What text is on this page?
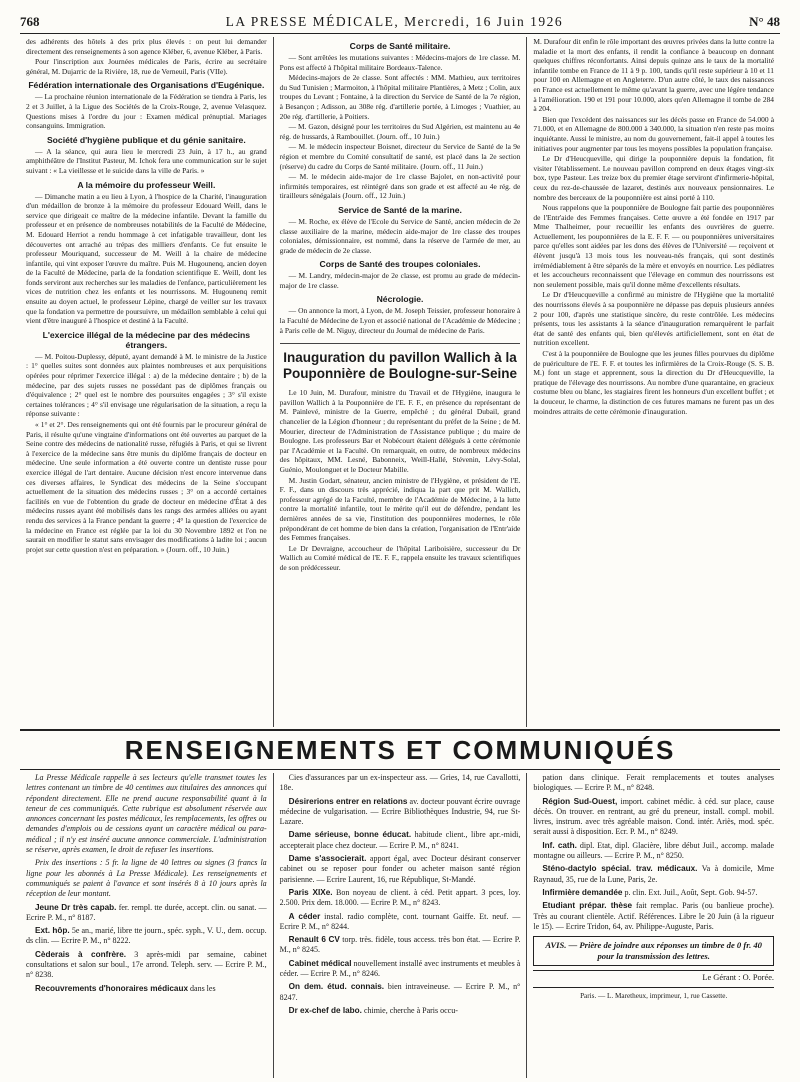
768	LA PRESSE MÉDICALE, Mercredi, 16 Juin 1926	N° 48

des adhérents des hôtels à des prix plus élevés : on peut lui demander directement des renseignements à son agence Kléber, 6, avenue Kléber, à Paris.

Pour l'inscription aux Journées médicales de Paris, écrire au secrétaire général, M. Dujarric de la Rivière, 18, rue de Verneuil, Paris (VIIe).

Fédération internationale des Organisations d'Eugénique.

— La prochaine réunion internationale de la Fédération se tiendra à Paris, les 2 et 3 Juillet, à la Ligue des Sociétés de la Croix-Rouge, 2, avenue Velasquez. Questions mises à l'ordre du jour : Examen médical prénuptial. Mariages consanguins. Immigration.

Société d'hygiène publique et du génie sanitaire.

— A la séance, qui aura lieu le mercredi 23 Juin, à 17 h., au grand amphithéâtre de l'Institut Pasteur, M. Ichok fera une communication sur le sujet suivant : « La vieillesse et le suicide dans la ville de Paris. »

A la mémoire du professeur Weill.

— Dimanche matin a eu lieu à Lyon, à l'hospice de la Charité, l'inauguration d'un médaillon de bronze à la mémoire du professeur Edouard Weill, dans le service que dirigeait ce maître de la médecine infantile. Devant la famille du professeur et en présence de nombreuses notabilités de la Faculté de Médecine, M. Edouard Herriot a rendu hommage à cet infatigable travailleur, dont les découvertes ont arraché au trépas des milliers d'enfants. Ce fut ensuite le professeur Mouriquand, successeur de M. Weill à la chaire de médecine infantile, qui vint exposer l'œuvre du maître. Puis M. Hugounenq, ancien doyen de la Faculté de Médecine, parla de la fondation scientifique E. Weill, dont les fonds serviront aux recherches sur les maladies de l'enfance, particulièrement les vices de nutrition chez les enfants et les nourrissons. M. Hugounenq remit ensuite au doyen actuel, le professeur Lépine, chargé de veiller sur les travaux que la fondation va permettre de poursuivre, un médaillon semblable à celui qui vient d'être inauguré à l'hospice et destiné à la Faculté.

L'exercice illégal de la médecine par des médecins étrangers.

— M. Poitou-Duplessy, député, ayant demandé à M. le ministre de la Justice : 1° quelles suites sont données aux plaintes nombreuses et aux perquisitions opérées pour réprimer l'exercice illégal : a) de la médecine dentaire ; b) de la médecine, par des sujets russes ne possédant pas de diplômes français ou d'équivalence ; 2° quel est le nombre des poursuites engagées ; 3° s'il existe certaines tolérances ; 4° s'il envisage une régularisation de la situation, a reçu la réponse suivante :

« 1° et 2°. Des renseignements qui ont été fournis par le procureur général de Paris, il résulte qu'une vingtaine d'informations ont été ouvertes au parquet de la Seine contre des médecins de nationalité russe, réfugiés à Paris, et qui se livrent à l'exercice de la médecine sans être munis du diplôme français de docteur en médecine. Une seule information a été ouverte contre un dentiste russe pour exercice illégal de l'art dentaire. Aucune décision n'est encore intervenue dans ces diverses affaires, le Syndicat des médecins de la Seine s'occupant actuellement de la situation des médecins russes ; 3° on a accordé certaines facilités en vue de l'obtention du grade de docteur en médecine d'État à des médecins russes ayant été mobilisés dans les rangs des armées alliées ou ayant rendu des services à la France pendant la guerre ; 4° la question de l'exercice de la médecine en France est réglée par la loi du 30 Novembre 1892 et l'on ne saurait en modifier le statut sans envisager des modifications à ladite loi ; aucun projet sur cette question n'est en préparation. » (Journ. off., 10 Juin.)

Corps de Santé militaire.

— Sont arrêtées les mutations suivantes : Médecins-majors de 1re classe. M. Pons est affecté à l'hôpital militaire Bordeaux-Talence.

Médecins-majors de 2e classe. Sont affectés : MM. Mathieu, aux territoires du Sud Tunisien ; Marmoiton, à l'hôpital militaire Plantières, à Metz ; Colin, aux troupes du Levant ; Fontaine, à la direction du Service de Santé de la 7e région, à Besançon ; Adisson, au 308e rég. d'artillerie portée, à Limoges ; Vuathier, au 20e rég. d'artillerie, à Poitiers.

— M. Gazon, désigné pour les territoires du Sud Algérien, est maintenu au 4e rég. de hussards, à Rambouillet. (Journ. off., 10 Juin.)

— M. le médecin inspecteur Boisnet, directeur du Service de Santé de la 9e région et membre du Comité consultatif de santé, est placé dans la 2e section (réserve) du cadre du Corps de Santé militaire. (Journ. off., 11 Juin.)

— M. le médecin aide-major de 1re classe Bajolet, en non-activité pour infirmités temporaires, est réintégré dans son grade et est affecté au 4e rég. de tirailleurs sénégalais (Journ. off., 12 Juin.)

Service de Santé de la marine.

— M. Roche, ex élève de l'Ecole du Service de Santé, ancien médecin de 2e classe auxiliaire de la marine, médecin aide-major de 1re classe des troupes coloniales, démissionnaire, est nommé, dans la réserve de l'armée de mer, au grade de médecin de 2e classe.

Corps de Santé des troupes coloniales.

— M. Landry, médecin-major de 2e classe, est promu au grade de médecin-major de 1re classe.

Nécrologie.

— On annonce la mort, à Lyon, de M. Joseph Teissier, professeur honoraire à la Faculté de Médecine de Lyon et associé national de l'Académie de Médecine ; à Paris celle de M. Niguy, directeur du Journal de médecine de Paris.

Inauguration du pavillon Wallich à la Pouponnière de Boulogne-sur-Seine

Le 10 Juin, M. Durafour, ministre du Travail et de l'Hygiène, inaugura le pavillon Wallich à la Pouponnière de l'E. F. F., en présence du représentant de M. Painlevé, ministre de la Guerre, empêché ; du général Dubail, grand chancelier de la Légion d'honneur ; du représentant du préfet de la Seine ; de M. Mourier, directeur de l'Administration de l'Assistance publique ; du maire de Boulogne. Les professeurs Bar et Nobécourt étaient délégués à cette cérémonie par l'Académie et la Faculté. On remarquait, en outre, de nombreux médecins des hôpitaux, MM. Lesné, Babonneix, Weill-Hallé, Stévenin, Lévy-Solal, Guénio, Moulonguet et le Docteur Mabille.

M. Justin Godart, sénateur, ancien ministre de l'Hygiène, et président de l'E. F. F., dans un discours très apprécié, indiqua la part que prit M. Wallich, professeur agrégé de la Faculté, membre de l'Académie de Médecine, à la lutte contre la mortalité infantile, tout le mérite qu'il eut de défendre, pendant les dernières années de sa vie, l'institution des pouponnières modernes, le rôle prépondérant de cet homme de bien dans la création, l'organisation de l'Entr'aide des Femmes françaises.

Le Dr Devraigne, accoucheur de l'hôpital Lariboisière, successeur du Dr Wallich au Comité médical de l'E. F. F., rappela ensuite les travaux scientifiques de son prédécesseur.

M. Durafour dit enfin le rôle important des œuvres privées dans la lutte contre la maladie et la mort des enfants, il rendit la confiance à beaucoup en donnant quelques chiffres réconfortants. Ainsi depuis quinze ans le taux de la mortalité infantile tombe en France de 11 à 9 p. 100, tandis qu'il reste supérieur à 10 et 11 pour 100 en Allemagne et en Angleterre. D'un autre côté, le taux des naissances en France est actuellement le même qu'avant la guerre, avec une légère tendance à l'amélioration. 190 et 191 pour 10.000, alors qu'en Allemagne il tombe de 284 à 204.

Bien que l'excédent des naissances sur les décès passe en France de 54.000 à 71.000, et en Allemagne de 800.000 à 340.000, la situation n'en reste pas moins inquiétante. Aussi le ministre, au nom du gouvernement, fait-il appel à toutes les initiatives pour augmenter par tous les moyens possibles la population française.

Le Dr d'Heucqueville, qui dirige la pouponnière depuis la fondation, fit visiter l'établissement. Le nouveau pavillon comprend en deux étages vingt-six box, type Pasteur. Les treize box du premier étage serviront d'infirmerie-hôpital, ceux du rez-de-chaussée de lazaret, destinés aux nouveaux pensionnaires. Le nombre des berceaux de la pouponnière est ainsi porté à 110.

Nous rappelons que la pouponnière de Boulogne fait partie des pouponnières de l'Entr'aide des Femmes françaises. Cette œuvre a été fondée en 1917 par Mme Thalheimer, pour recueillir les enfants des ouvrières de guerre. Actuellement, les pouponnières de la E. F. F. — ou pouponnières universitaires parce qu'elles sont aidées par les dons des élèves de l'Université — reçoivent et élèvent jusqu'à 13 mois tous les nouveau-nés français, qui sont destinés irrémédiablement à être séparés de la mère et envoyés en nourrice. Les pédiatres et les accoucheurs reconnaissent que l'élevage en commun des nourrissons est non seulement possible, mais qu'il donne même d'excellents résultats.

Le Dr d'Heucqueville a confirmé au ministre de l'Hygiène que la mortalité des nourrissons élevés à sa pouponnière ne dépasse pas depuis plusieurs années 2 pour 100, d'après une statistique sincère, du reste contrôlée. Les médecins présents, tous les assistants à la séance d'inauguration remarquèrent le parfait état de santé des enfants qui, bien qu'élevés artificiellement, sont en état de nutrition excellent.

C'est à la pouponnière de Boulogne que les jeunes filles pourvues du diplôme de puériculture de l'E. F. F. et toutes les infirmières de la Croix-Rouge (S. S. B. M.) font un stage et apprennent, sous la direction du Dr d'Heucqueville, la pratique de l'élevage des nourrissons. Au nombre d'une quarantaine, en gracieux costume bleu ou blanc, les stagiaires firent les honneurs d'un excellent buffet ; et la douceur, le charme, la distinction de ces futures mamans ne furent pas un des moindres attraits de cette cérémonie d'inauguration.

RENSEIGNEMENTS ET COMMUNIQUÉS

La Presse Médicale rappelle à ses lecteurs qu'elle transmet toutes les lettres contenant un timbre de 40 centimes aux titulaires des annonces qui répondent directement. Elle ne prend aucune responsabilité quant à la teneur de ces communiqués. Cette rubrique est absolument réservée aux annonces concernant les postes médicaux, les remplacements, les offres ou demandes d'emplois ou de cessions ayant un caractère médical ou para-médical ; il n'y est inséré aucune annonce commerciale. L'administration se réserve, après examen, le droit de refuser les insertions.

Prix des insertions : 5 fr. la ligne de 40 lettres ou signes (3 francs la ligne pour les abonnés à La Presse Médicale). Les renseignements et communiqués se paient à l'avance et sont insérés 8 à 10 jours après la réception de leur montant.

Jeune Dr très capab. fer. rempl. tte durée, accept. clin. ou sanat. — Ecrire P. M., n° 8187.

Ext. hôp. 5e an., marié, libre tte journ., spéc. syph., V. U., dem. occup. ds clin. — Ecrire P. M., n° 8222.

Cèderais à confrère. 3 après-midi par semaine, cabinet consultations et salon sur boul., 17e arrond. Teleph. serv. — Ecrire P. M., n° 8238.

Recouvrements d'honoraires médicaux dans les

Cies d'assurances par un ex-inspecteur ass. — Gries, 14, rue Cavallotti, 18e.

Désirerions entrer en relations av. docteur pouvant écrire ouvrage médecine de vulgarisation. — Ecrire Bibliothèques Industrie, 94, rue St-Lazare.

Dame sérieuse, bonne éducat. habitude client., libre apr.-midi, accepterait place chez docteur. — Ecrire P. M., n° 8241.

Dame s'associerait. apport égal, avec Docteur désirant conserver cabinet ou se reposer pour fonder ou acheter maison santé région parisienne. — Ecrire Laurent, 16, rue République, St-Mandé.

Paris XIXe. Bon noyeau de client. à céd. Petit appart. 3 pces, loy. 2.500. Prix dem. 18.000. — Ecrire P. M., n° 8243.

A céder instal. radio complète, cont. tournant Gaiffe. Et. neuf. — Ecrire P. M., n° 8244.

Renault 6 CV torp. très. fidèle, tous access. très bon état. — Ecrire P. M., n° 8245.

Cabinet médical nouvellement installé avec instruments et meubles à céder. — Ecrire P. M., n° 8246.

On dem. étud. connais. bien intraveineuse. — Ecrire P. M., n° 8247.

Dr ex-chef de labo. chimie, cherche à Paris occu-

pation dans clinique. Ferait remplacements et toutes analyses biologiques. — Ecrire P. M., n° 8248.

Région Sud-Ouest, import. cabinet médic. à céd. sur place, cause décès. On trouver. en rentrant, au gré du preneur, install. compl. mobil. livres, instrum. avec très agréable maison. Cond. intér. Ariès, mod. spéc. serait aussi à disposition. Ecr. P. M., n° 8249.

Inf. cath. dipl. Etat, dipl. Glacière, libre début Juil., accomp. malade montagne ou ailleurs. — Ecrire P. M., n° 8250.

Sténo-dactylo spécial. trav. médicaux. Va à domicile, Mme Raynaud, 35, rue de la Lune, Paris, 2e.

Infirmière demandée p. clin. Ext. Juil., Août, Sept. Gob. 94-57.

Etudiant prépar. thèse fait remplac. Paris (ou banlieue proche). Très au courant clientèle. Actif. Références. Libre le 20 Juin (à la rigueur le 15). — Ecrire Tridon, 64, av. Philippe-Auguste, Paris.

AVIS. — Prière de joindre aux réponses un timbre de 0 fr. 40 pour la transmission des lettres.
Le Gérant : O. Porée.
Paris. — L. Maretheux, imprimeur, 1, rue Cassette.
